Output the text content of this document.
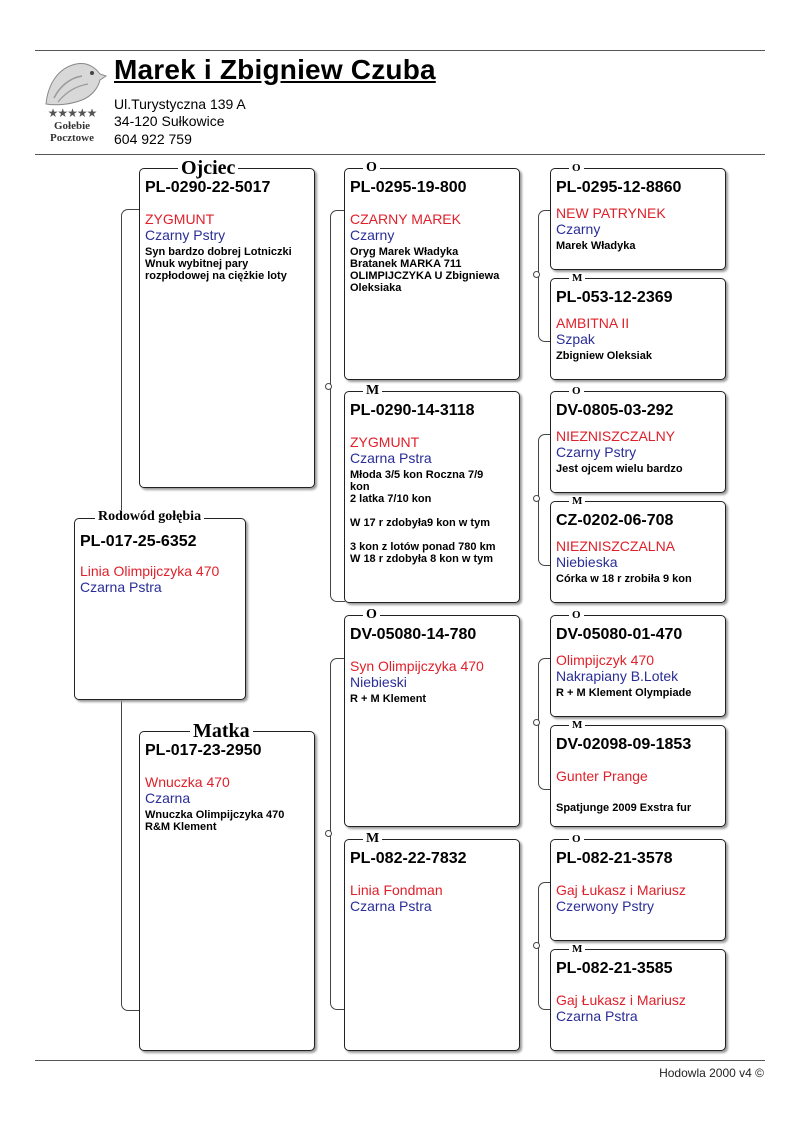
★★★★★
Gołebie
Pocztowe
Marek i Zbigniew Czuba
Ul.Turystyczna 139 A
34-120 Sułkowice
604 922 759
Rodowód gołębia
PL-017-25-6352
Linia Olimpijczyka 470
Czarna Pstra
Ojciec
PL-0290-22-5017
ZYGMUNT
Czarny Pstry
Syn bardzo dobrej Lotniczki
Wnuk wybitnej pary
rozpłodowej na ciężkie loty
Matka
PL-017-23-2950
Wnuczka 470
Czarna
Wnuczka Olimpijczyka 470
R&M Klement
O
PL-0295-19-800
CZARNY MAREK
Czarny
Oryg Marek Władyka
Bratanek MARKA 711
OLIMPIJCZYKA U Zbigniewa
Oleksiaka
M
PL-0290-14-3118
ZYGMUNT
Czarna Pstra
Młoda 3/5 kon Roczna 7/9
kon
2 latka 7/10 kon
W 17 r zdobyła9 kon w tym
3 kon z lotów ponad 780 km
W 18 r zdobyła 8 kon w tym
O
DV-05080-14-780
Syn Olimpijczyka 470
Niebieski
R + M Klement
M
PL-082-22-7832
Linia Fondman
Czarna Pstra
O
PL-0295-12-8860
NEW PATRYNEK
Czarny
Marek Władyka
M
PL-053-12-2369
AMBITNA II
Szpak
Zbigniew Oleksiak
O
DV-0805-03-292
NIEZNISZCZALNY
Czarny Pstry
Jest ojcem wielu bardzo
M
CZ-0202-06-708
NIEZNISZCZALNA
Niebieska
Córka w 18 r zrobiła 9 kon
O
DV-05080-01-470
Olimpijczyk 470
Nakrapiany B.Lotek
R + M Klement Olympiade
M
DV-02098-09-1853
Gunter Prange
Spatjunge 2009 Exstra fur
O
PL-082-21-3578
Gaj Łukasz i Mariusz
Czerwony Pstry
M
PL-082-21-3585
Gaj Łukasz i Mariusz
Czarna Pstra
Hodowla 2000 v4 ©
